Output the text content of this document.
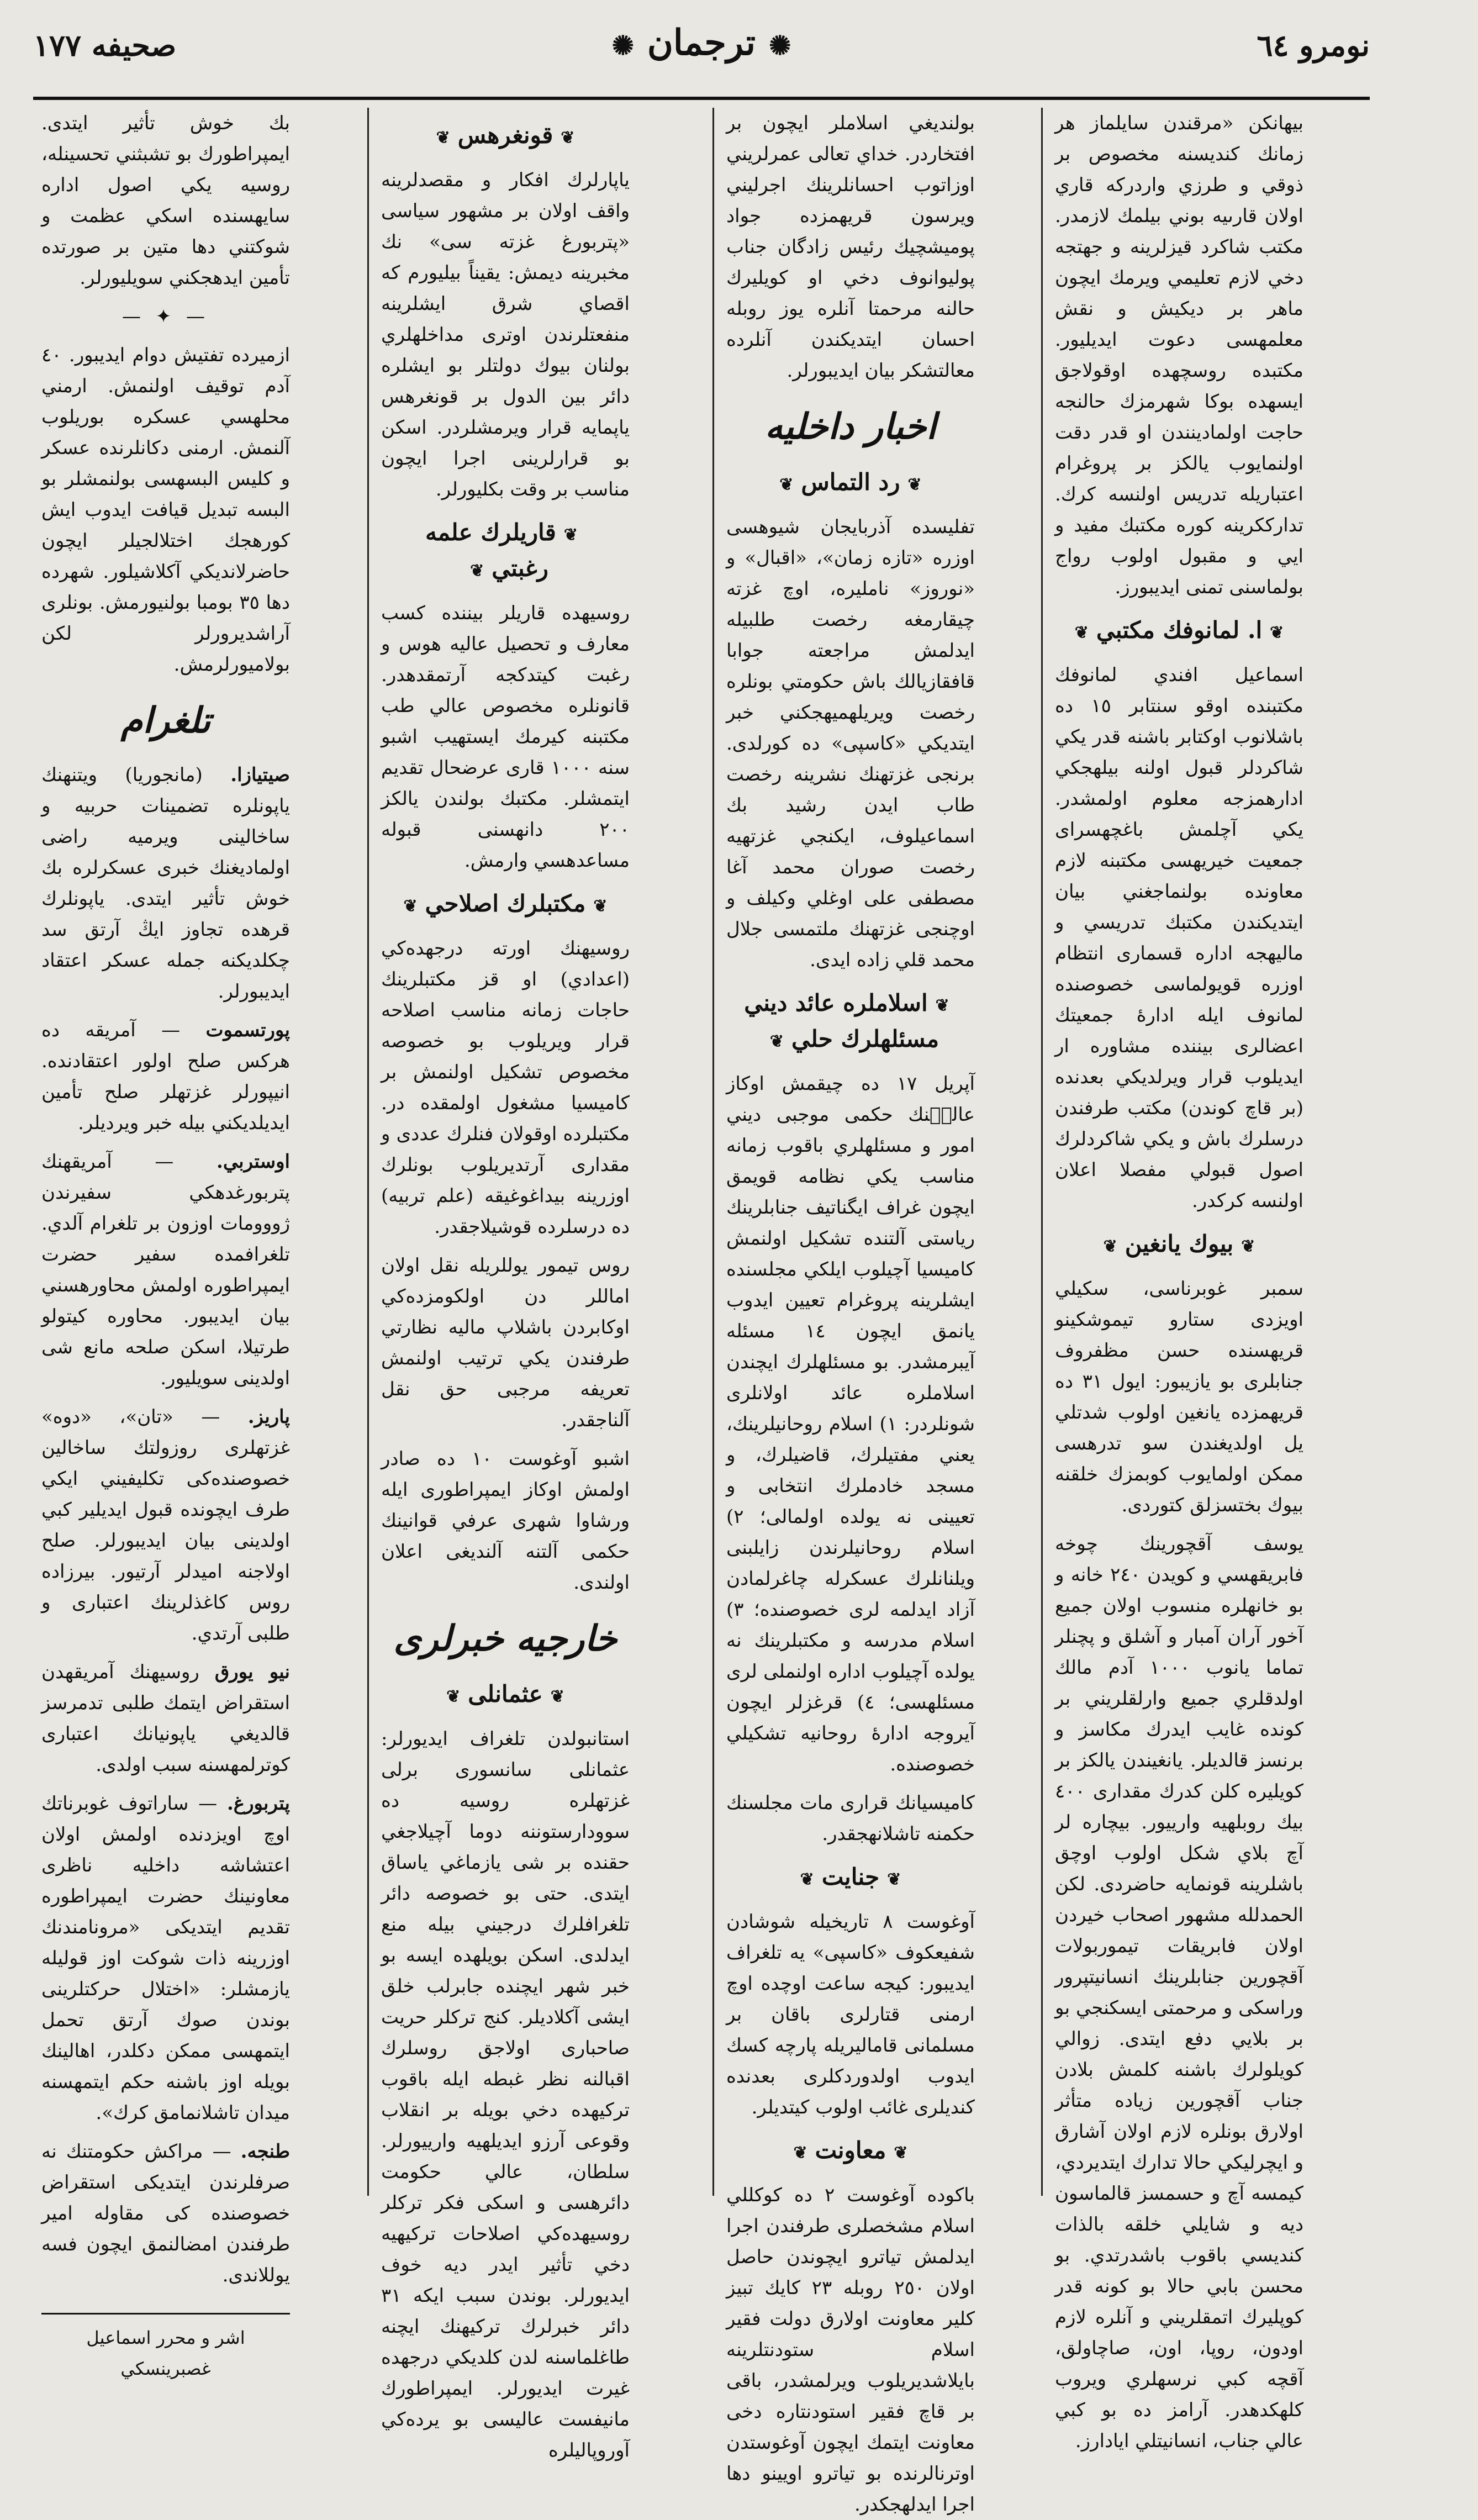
صحيفه ١٧٧	✺ترجمان✺	نومرو ٦٤

بيهانكن «مرقندن سايلماز هر زمانك كنديسنه مخصوص بر ذوقي و طرزي واردركه قاري اولان قارىيه بوني بيلمك لازمدر. مكتب شاكرد قيزلرينه و جهتجه دخي لازم تعليمي ويرمك ايچون ماهر بر ديكيش و نقش معلمهسى دعوت ايديليور. مكتبده روسچهده اوقولاجق ايسهده بوكا شهرمزك حالنجه حاجت اولمادينندن او قدر دقت اولنمايوب يالكز بر پروغرام اعتباريله تدريس اولنسه كرك. تدارككرينه كوره مكتبك مفيد و ايي و مقبول اولوب رواج بولماسنى تمنى ايديبورز.

❦ا. لمانوفك مكتبي❦

اسماعيل افندي لمانوفك مكتبنده اوقو سنتابر ١٥ ده باشلانوب اوكتابر باشنه قدر يكي شاكردلر قبول اولنه بيلهجكي ادارهمزجه معلوم اولمشدر. يكي آچلمش باغچهسراى جمعيت خيريهسى مكتبنه لازم معاونده بولنماجغني بيان ايتديكندن مكتبك تدريسي و ماليهجه اداره قسمارى انتظام اوزره قويولماسى خصوصنده لمانوف ايله ادارهٔ جمعيتك اعضالرى بيننده مشاوره ار ايديلوب قرار ويرلديكي بعدنده (بر قاچ كوندن) مكتب طرفندن درسلرك باش و يكي شاكردلرك اصول قبولي مفصلا اعلان اولنسه كركدر.

❦بيوك يانغين❦

سمبر غوبرناسى، سكيلي اويزدى ستارو تيموشكينو قريهسنده حسن مظفروف جنابلرى بو يازيبور: ايول ٣١ ده قريهمزده يانغين اولوب شدتلي يل اولديغندن سو تدرهسى ممكن اولمايوب كوبمزك خلقنه بيوك بختسزلق كتوردى.

يوسف آقچورينك چوخه فابريقهسي و كويدن ٢٤٠ خانه و بو خانهلره منسوب اولان جميع آخور آران آمبار و آشلق و پچنلر تماما يانوب ١٠٠٠ آدم مالك اولدقلري جميع وارلقلريني بر كونده غايب ايدرك مكاسز و برنسز قالديلر. يانغيندن يالكز بر كويليره كلن كدرك مقدارى ٤٠٠ بيك روبلهيه وارييور. بيچاره لر آچ بلاي شكل اولوب اوچق باشلرينه قونمايه حاضردى. لكن الحمدلله مشهور اصحاب خيردن اولان فابريقات تيموربولات آقچورين جنابلرينك انسانيتپرور وراسكى و مرحمتى ايسكنجي بو بر بلايي دفع ايتدى. زوالي كويلولرك باشنه كلمش بلادن جناب آقچورين زياده متأثر اولارق بونلره لازم اولان آشارق و ايچرليكي حالا تدارك ايتديردي، كيمسه آچ و حسمسز قالماسون ديه و شايلي خلقه بالذات كنديسي باقوب باشدرتدي. بو محسن بابي حالا بو كونه قدر كوپليرك اتمقلريني و آنلره لازم اودون، روپا، اون، صاچاولق، آقچه كبي نرسهلري ويروب كلهكدهدر. آرامز ده بو كبي عالي جناب، انسانيتلي ايادارز.

بولنديغي اسلاملر ايچون بر افتخاردر. خداي تعالى عمرلريني اوزاتوب احسانلرينك اجرليني ويرسون قريهمزده جواد پوميشچيك رئيس زادگان جناب پوليوانوف دخي او كويليرك حالنه مرحمتا آنلره يوز روبله احسان ايتديكندن آنلرده معالتشكر بيان ايديبورلر.

اخبار داخليه
❦رد التماس❦

تفليسده آذربايجان شيوهسى اوزره «تازه زمان»، «اقبال» و «نوروز» نامليره، اوچ غزته چيقارمغه رخصت طلبيله ايدلمش مراجعته جوابا قافقازيالك باش حكومتي بونلره رخصت ويريلهميهجكني خبر ايتديكي «كاسپى» ده كورلدى. برنجى غزتهنك نشرينه رخصت طاب ايدن رشيد بك اسماعيلوف، ايكنجي غزتهيه رخصت صوران محمد آغا مصطفى على اوغلي وكيلف و اوچنجى غزتهنك ملتمسى جلال محمد قلي زاده ايدى.

❦اسلاملره عائد ديني مسئلهلرك حلي❦

آپريل ١٧ ده چيقمش اوكاز عاليٖنك حكمى موجبى ديني امور و مسئلهلري باقوب زمانه مناسب يكي نظامه قويمق ايچون غراف ايگناتيف جنابلرينك رياستى آلتنده تشكيل اولنمش كاميسيا آچيلوب ايلكي مجلسنده ايشلرينه پروغرام تعيين ايدوب يانمق ايچون ١٤ مسئله آيبرمشدر. بو مسئلهلرك ايچندن اسلاملره عائد اولانلرى شونلردر: ١) اسلام روحانيلرينك، يعني مفتيلرك، قاضيلرك، و مسجد خادملرك انتخابى و تعيينى نه يولده اولمالى؛ ٢) اسلام روحانيلرندن زايلبنى ويلنانلرك عسكرله چاغرلمادن آزاد ايدلمه لرى خصوصنده؛ ٣) اسلام مدرسه و مكتبلرينك نه يولده آچيلوب اداره اولنملى لرى مسئلهسى؛ ٤) قرغزلر ايچون آيروجه ادارهٔ روحانيه تشكيلي خصوصنده.

كاميسيانك قرارى مات مجلسنك حكمنه تاشلانهجقدر.

❦جنايت❦

آوغوست ٨ تاريخيله شوشادن شفيعكوف «كاسپى» يه تلغراف ايديبور: كيجه ساعت اوچده اوچ ارمنى قتارلرى باقان بر مسلمانى قاماليريله پارچه كسك ايدوب اولدوردكلرى بعدنده كنديلرى غائب اولوب كيتديلر.

❦معاونت❦

باكوده آوغوست ٢ ده كوكللي اسلام مشخصلرى طرفندن اجرا ايدلمش تياترو ايچوندن حاصل اولان ٢٥٠ روبله ٢٣ كايك تبيز كلير معاونت اولارق دولت فقير اسلام ستودنتلرينه بايلاشديريلوب ويرلمشدر، باقى بر قاچ فقير استودنتاره دخى معاونت ايتمك ايچون آوغوستدن اوترنالرنده بو تياترو اويينو دها اجرا ايدلهجكدر.

❦قونغرهس❦

ياپارلرك افكار و مقصدلرينه واقف اولان بر مشهور سياسى «پتربورغ غزته سى» نك مخبرينه ديمش: يقيناً بيليورم كه اقصاي شرق ايشلرينه منفعتلرندن اوترى مداخلهلري بولنان بيوك دولتلر بو ايشلره دائر بين الدول بر قونغرهس ياپمايه قرار ويرمشلردر. اسكن بو قرارلرينى اجرا ايچون مناسب بر وقت بكليورلر.

❦قاريلرك علمه رغبتي❦

روسيهده قاريلر بيننده كسب معارف و تحصيل عاليه هوس و رغبت كيتدكجه آرتمقدهدر. قانونلره مخصوص عالي طب مكتبنه كيرمك ايستهيب اشبو سنه ١٠٠٠ قارى عرضحال تقديم ايتمشلر. مكتبك بولندن يالكز ٢٠٠ دانهسنى قبوله مساعدهسي وارمش.

❦مكتبلرك اصلاحي❦

روسيهنك اورته درجهده‌كي (اعدادي) او قز مكتبلرينك حاجات زمانه مناسب اصلاحه قرار ويريلوب بو خصوصه مخصوص تشكيل اولنمش بر كاميسيا مشغول اولمقده در. مكتبلرده اوقولان فنلرك عددى و مقدارى آرتديريلوب بونلرك اوزرينه بيداغوغيقه (علم تربيه) ده درسلرده قوشيلاجقدر.

روس تيمور يوللريله نقل اولان اماللر دن اولكومزده‌كي اوكابردن باشلاپ ماليه نظارتي طرفندن يكي ترتيب اولنمش تعريفه مرجبى حق نقل آلناجقدر.

اشبو آوغوست ١٠ ده صادر اولمش اوكاز ايمپراطورى ايله ورشاوا شهرى عرفي قوانينك حكمى آلتنه آلنديغى اعلان اولندى.

خارجيه خبرلرى
❦عثمانلى❦

استانبولدن تلغراف ايديورلر: عثمانلى سانسورى برلى غزتهلره روسيه ده سوودارستوننه دوما آچيلاجغي حقنده بر شى يازماغي ياساق ايتدى. حتى بو خصوصه دائر تلغرافلرك درجيني بيله منع ايدلدى. اسكن بويلهده ايسه بو خبر شهر ايچنده جابرلب خلق ايشى آكلاديلر. كنج تركلر حريت صاحبارى اولاجق روسلرك اقبالنه نظر غبطه ايله باقوب تركيهده دخي بويله بر انقلاب وقوعى آرزو ايديلهيه وارييورلر. سلطان، عالي حكومت دائرهسى و اسكى فكر تركلر روسيهده‌كي اصلاحات تركيهيه دخي تأثير ايدر ديه خوف ايديورلر. بوندن سبب ايكه ٣١ دائر خبرلرك تركيهنك ايچنه طاغلماسنه لدن كلديكي درجهده غيرت ايديورلر. ايمپراطورك مانيفست عاليسى بو يرده‌كي آوروپاليلره

بك خوش تأثير ايتدى. ايمپراطورك بو تشبثني تحسينله، روسيه يكي اصول اداره سايهسنده اسكي عظمت و شوكتني دها متين بر صورتده تأمين ايدهجكني سويليورلر.

— ✦ —

ازميرده تفتيش دوام ايديبور. ٤٠ آدم توقيف اولنمش. ارمني محلهسي عسكره بوريلوب آلنمش. ارمنى دكانلرنده عسكر و كليس البسهسى بولنمشلر بو البسه تبديل قيافت ايدوب ايش كورهجك اختلالجيلر ايچون حاضرلانديكي آكلاشيلور. شهرده دها ٣٥ بومبا بولنيورمش. بونلرى آراشديرورلر لكن بولاميورلرمش.

تلغرام

صيتيازا. (مانجوريا) ويتنهنك ياپونلره تضمينات حربيه و ساخالينى ويرميه راضى اولماديغنك خبرى عسكرلره بك خوش تأثير ايتدى. ياپونلرك قرهده تجاوز ايڭ آرتق سد چكلديكنه جمله عسكر اعتقاد ايديبورلر.

پورتسموت — آمريقه ده هركس صلح اولور اعتقادنده. انيپورلر غزتهلر صلح تأمين ايديلديكني بيله خبر ويرديلر.

اوستربي. — آمريقهنك پتربورغدهكي سفيرندن ژووومات اوزون بر تلغرام آلدي. تلغرافمده سفير حضرت ايمپراطوره اولمش محاورهسني بيان ايديبور. محاوره كيتولو طرتيلا، اسكن صلحه مانع شى اولدينى سويليور.

پاريز. — «تان»، «دوه» غزتهلرى روزولتك ساخالين خصوصنده‌كى تكليفيني ايكي طرف ايچونده قبول ايديلير كبي اولدينى بيان ايديبورلر. صلح اولاجنه اميدلر آرتيور. بيرزاده روس كاغذلرينك اعتبارى و طلبى آرتدي.

نيو يورق روسيهنك آمريقهدن استقراض ايتمك طلبى تدمرسز قالديغي ياپونيانك اعتبارى كوترلمهسنه سبب اولدى.

پتربورغ. — ساراتوف غوبرناتك اوچ اويزدنده اولمش اولان اعتشاشه داخليه ناظرى معاونينك حضرت ايمپراطوره تقديم ايتديكى «مرونامندنك اوزرينه ذات شوكت اوز قوليله يازمشلر: «اختلال حركتلرينى بوندن صوك آرتق تحمل ايتمهسى ممكن دكلدر، اهالينك بويله اوز باشنه حكم ايتمهسنه ميدان تاشلانمامق كرك».

طنجه. — مراكش حكومتنك نه صرفلرندن ايتديكى استقراض خصوصنده كى مقاوله امير طرفندن امضالنمق ايچون فسه يوللاندى.

اشر و محرر اسماعيل غصبرينسكي
